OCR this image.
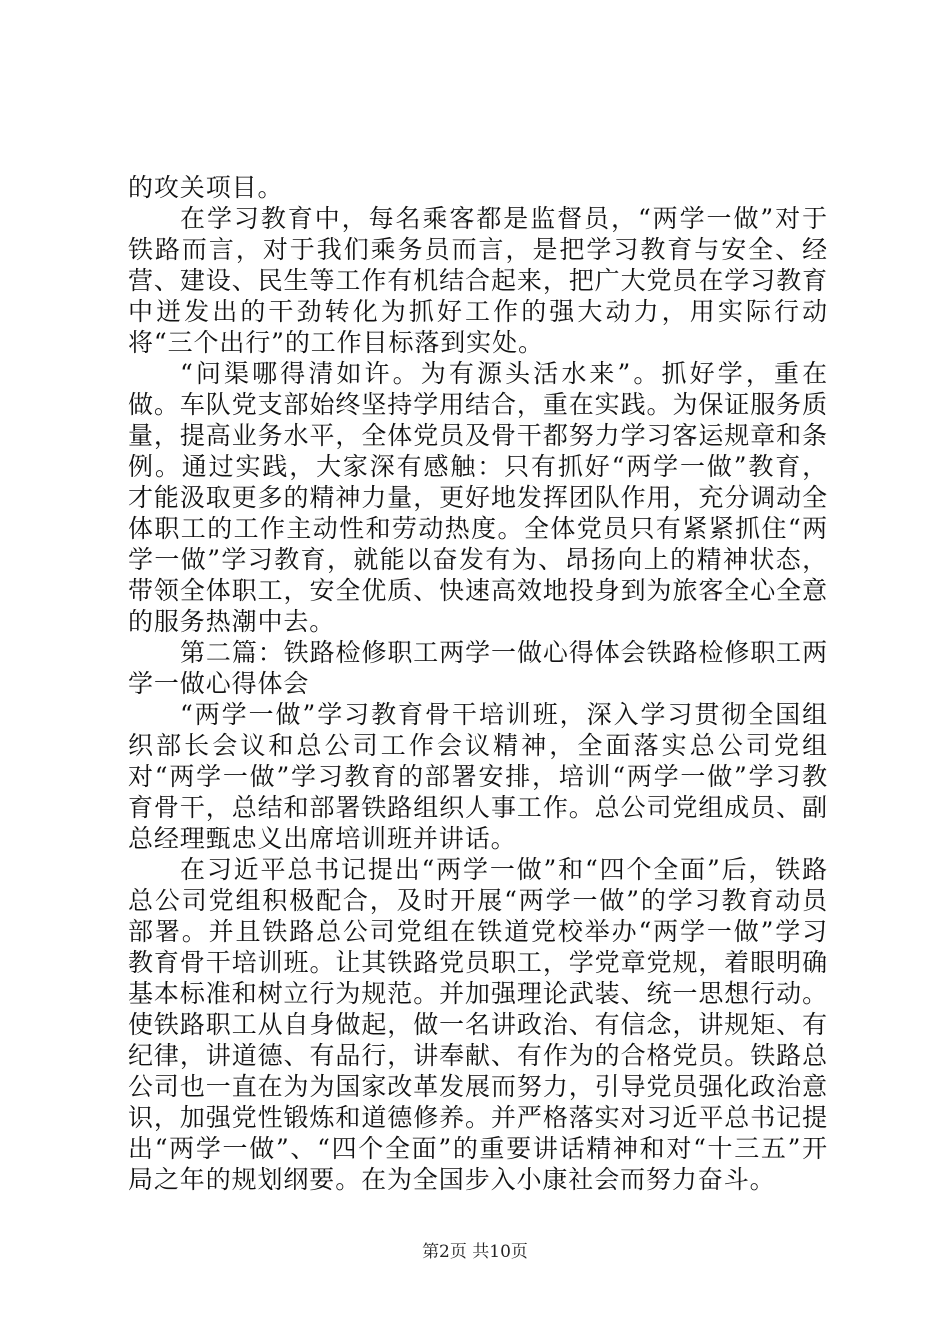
的攻关项目。

在学习教育中，每名乘客都是监督员，“两学一做”对于铁路而言，对于我们乘务员而言，是把学习教育与安全、经营、建设、民生等工作有机结合起来，把广大党员在学习教育中迸发出的干劲转化为抓好工作的强大动力，用实际行动将“三个出行”的工作目标落到实处。

“问渠哪得清如许。为有源头活水来”。抓好学，重在做。车队党支部始终坚持学用结合，重在实践。为保证服务质量，提高业务水平，全体党员及骨干都努力学习客运规章和条例。通过实践，大家深有感触：只有抓好“两学一做”教育，才能汲取更多的精神力量，更好地发挥团队作用，充分调动全体职工的工作主动性和劳动热度。全体党员只有紧紧抓住“两学一做”学习教育，就能以奋发有为、昂扬向上的精神状态，带领全体职工，安全优质、快速高效地投身到为旅客全心全意的服务热潮中去。

第二篇：铁路检修职工两学一做心得体会铁路检修职工两学一做心得体会

“两学一做”学习教育骨干培训班，深入学习贯彻全国组织部长会议和总公司工作会议精神，全面落实总公司党组对“两学一做”学习教育的部署安排，培训“两学一做”学习教育骨干，总结和部署铁路组织人事工作。总公司党组成员、副总经理甄忠义出席培训班并讲话。

在习近平总书记提出“两学一做”和“四个全面”后，铁路总公司党组积极配合，及时开展“两学一做”的学习教育动员部署。并且铁路总公司党组在铁道党校举办“两学一做”学习教育骨干培训班。让其铁路党员职工，学党章党规，着眼明确基本标准和树立行为规范。并加强理论武装、统一思想行动。使铁路职工从自身做起，做一名讲政治、有信念，讲规矩、有纪律，讲道德、有品行，讲奉献、有作为的合格党员。铁路总公司也一直在为为国家改革发展而努力，引导党员强化政治意识，加强党性锻炼和道德修养。并严格落实对习近平总书记提出“两学一做”、“四个全面”的重要讲话精神和对“十三五”开局之年的规划纲要。在为全国步入小康社会而努力奋斗。

第2页 共10页
